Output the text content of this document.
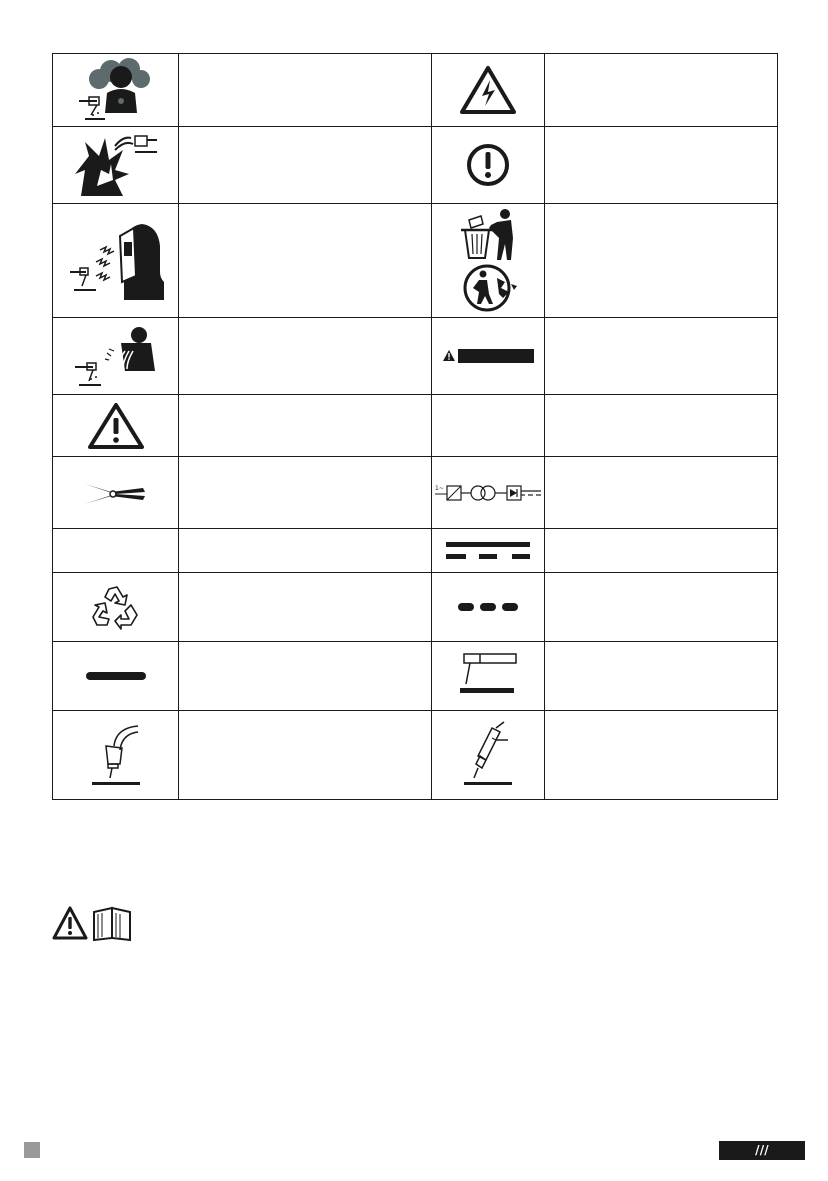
1~	

/// PARKSIDE
